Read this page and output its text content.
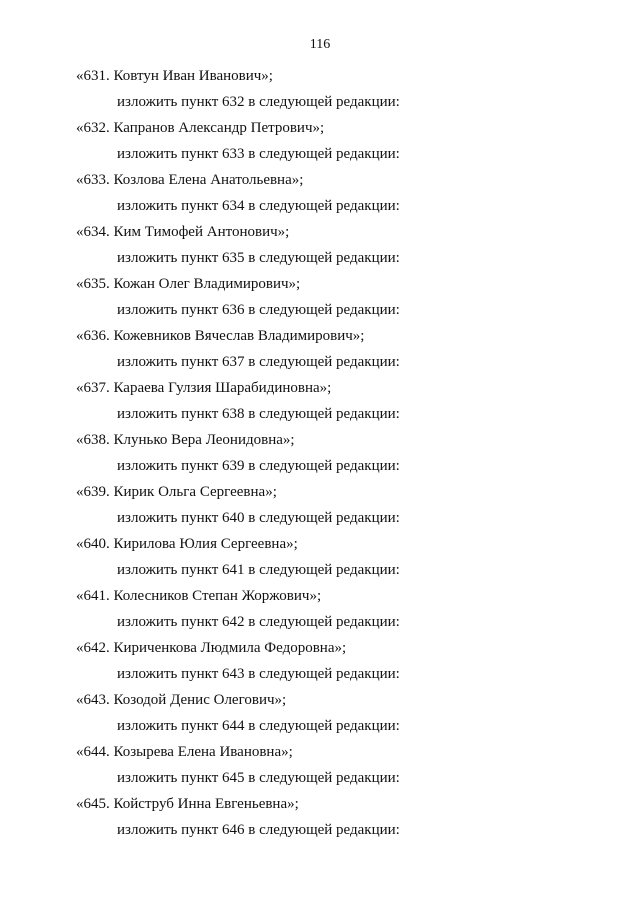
116
«631. Ковтун Иван Иванович»;
изложить пункт 632 в следующей редакции:
«632. Капранов Александр Петрович»;
изложить пункт 633 в следующей редакции:
«633. Козлова Елена Анатольевна»;
изложить пункт 634 в следующей редакции:
«634. Ким Тимофей Антонович»;
изложить пункт 635 в следующей редакции:
«635. Кожан Олег Владимирович»;
изложить пункт 636 в следующей редакции:
«636. Кожевников Вячеслав Владимирович»;
изложить пункт 637 в следующей редакции:
«637. Караева Гулзия Шарабидиновна»;
изложить пункт 638 в следующей редакции:
«638. Клунько Вера Леонидовна»;
изложить пункт 639 в следующей редакции:
«639. Кирик Ольга Сергеевна»;
изложить пункт 640 в следующей редакции:
«640. Кирилова Юлия Сергеевна»;
изложить пункт 641 в следующей редакции:
«641. Колесников Степан Жоржович»;
изложить пункт 642 в следующей редакции:
«642. Кириченкова Людмила Федоровна»;
изложить пункт 643 в следующей редакции:
«643. Козодой Денис Олегович»;
изложить пункт 644 в следующей редакции:
«644. Козырева Елена Ивановна»;
изложить пункт 645 в следующей редакции:
«645. Койструб Инна Евгеньевна»;
изложить пункт 646 в следующей редакции:
